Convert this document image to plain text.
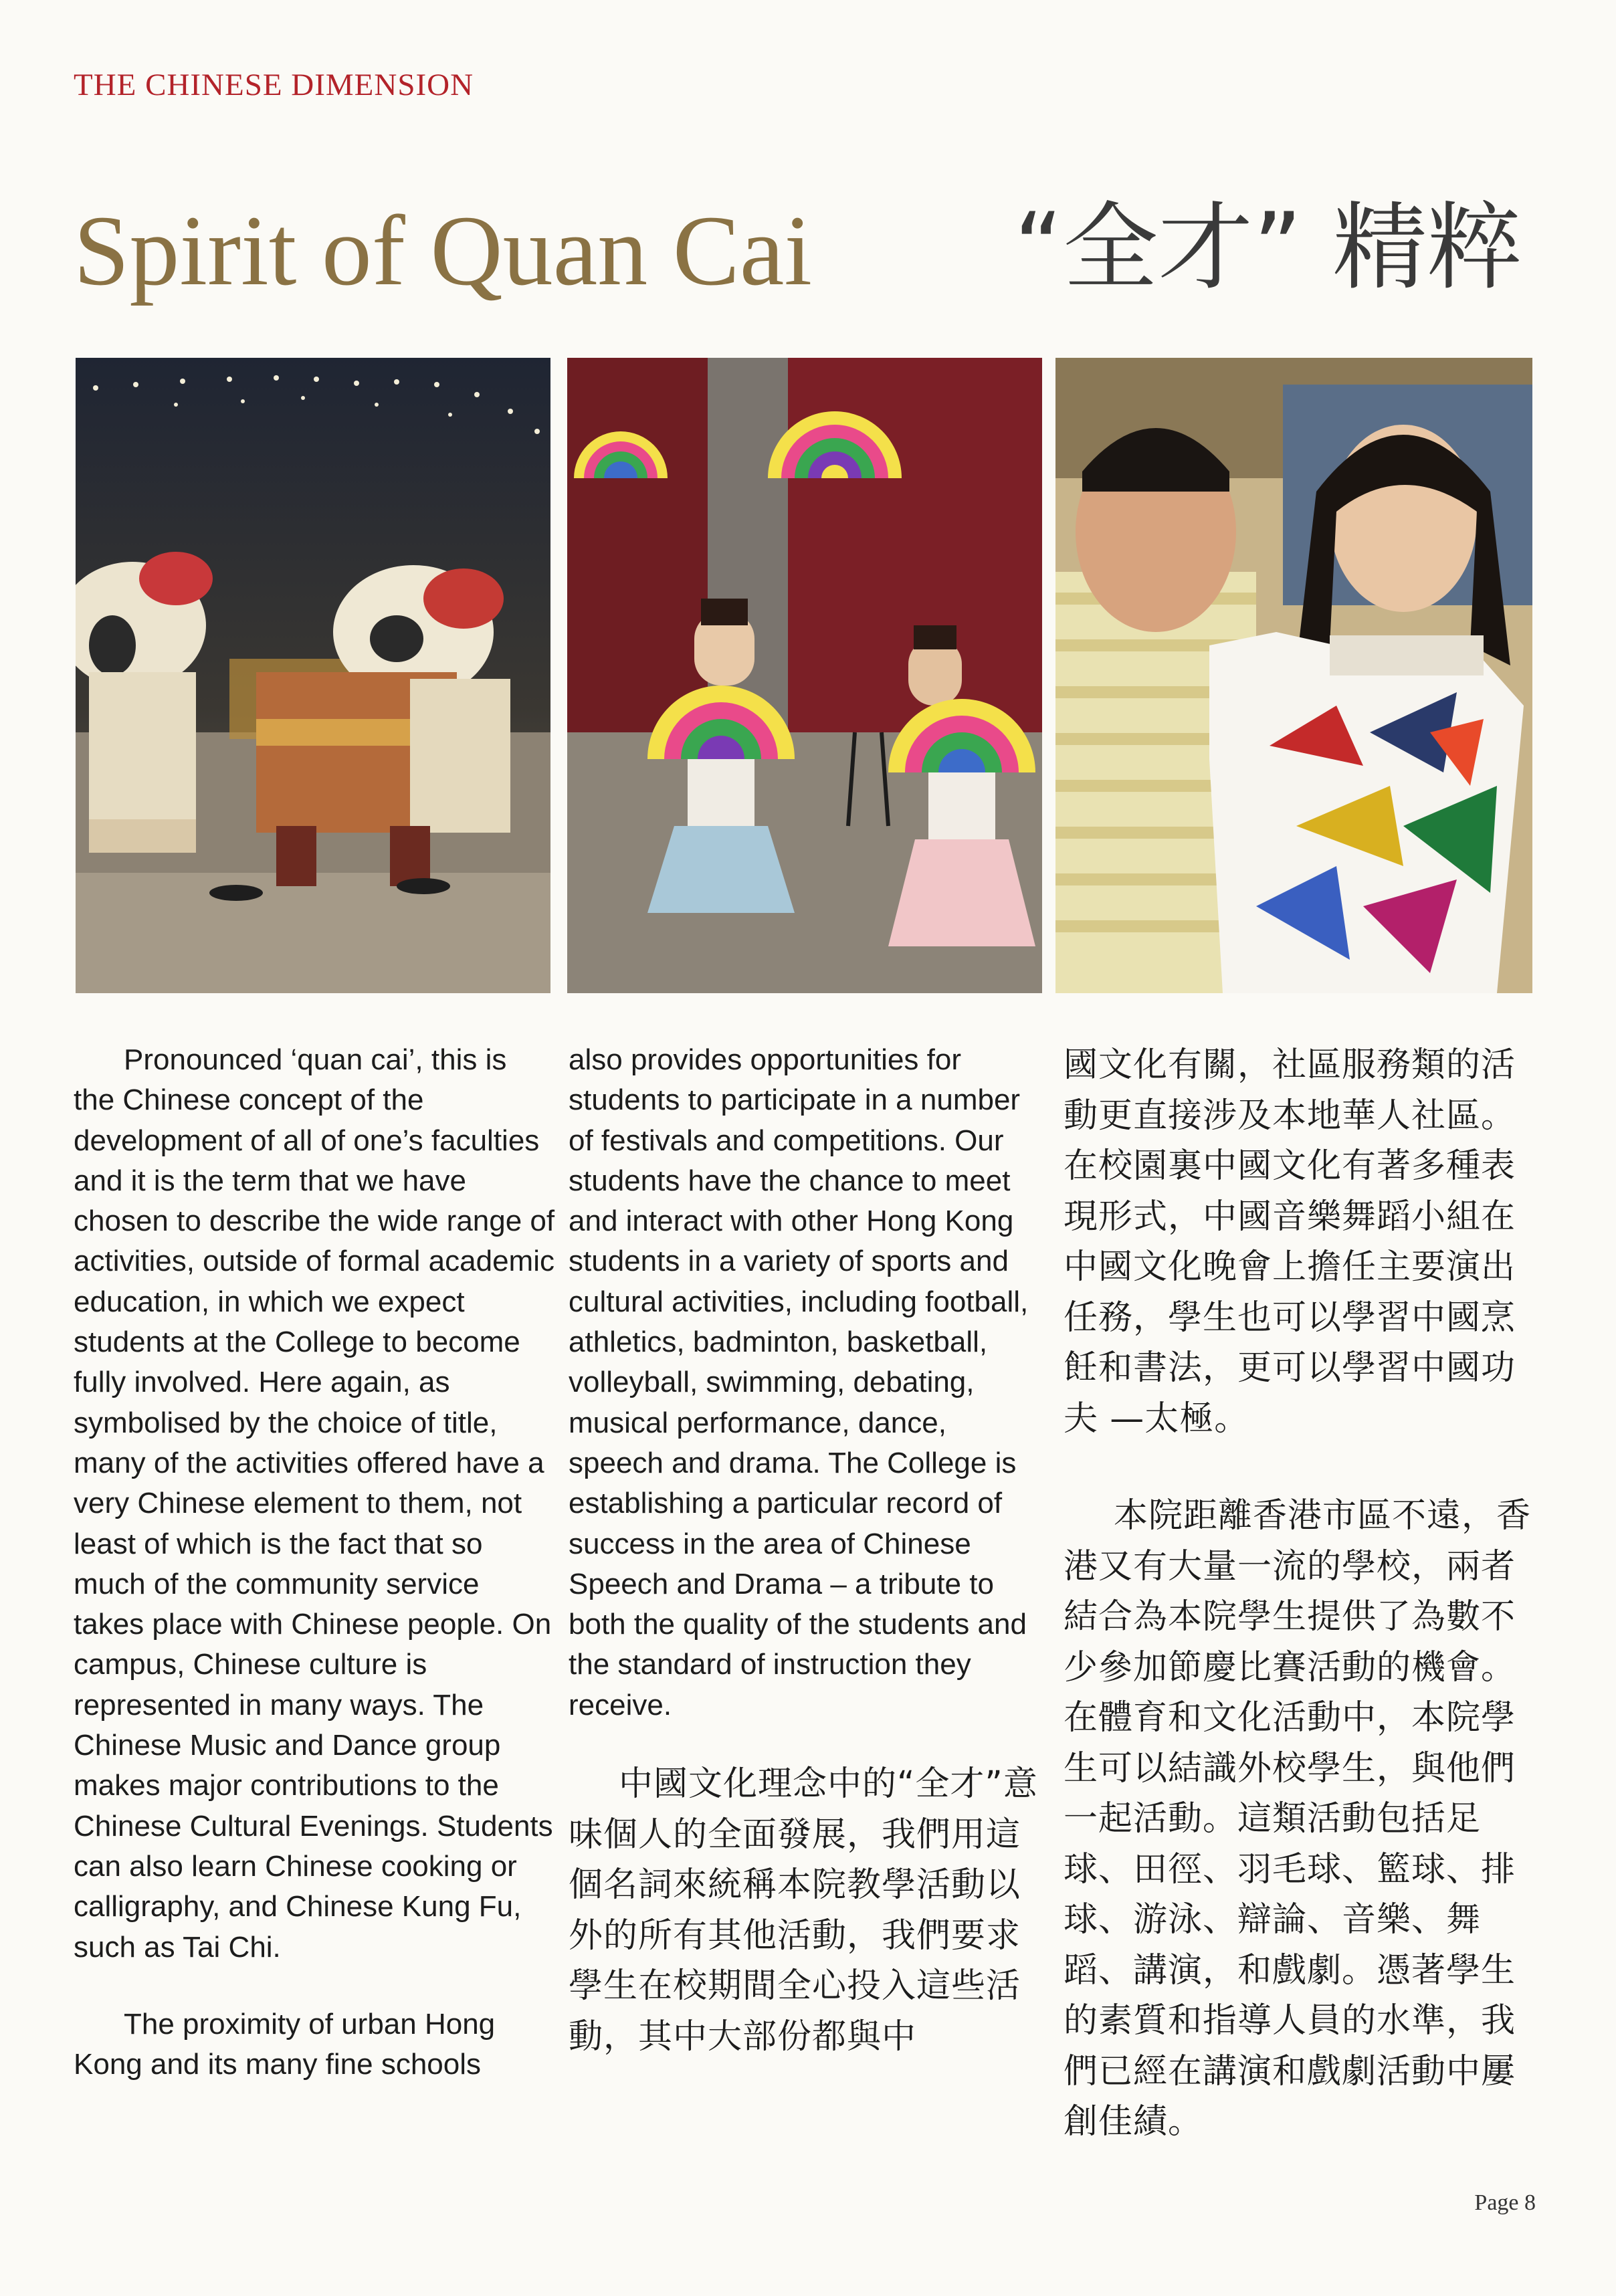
THE CHINESE DIMENSION
Spirit of Quan Cai “全才” 精粹

Pronounced ‘quan cai’, this is the Chinese concept of the development of all of one’s faculties and it is the term that we have chosen to describe the wide range of activities, outside of formal academic education, in which we expect students at the College to become fully involved. Here again, as symbolised by the choice of title, many of the activities offered have a very Chinese element to them, not least of which is the fact that so much of the community service takes place with Chinese people. On campus, Chinese culture is represented in many ways. The Chinese Music and Dance group makes major contributions to the Chinese Cultural Evenings. Students can also learn Chinese cooking or calligraphy, and Chinese Kung Fu, such as Tai Chi.

The proximity of urban Hong Kong and its many fine schools

also provides opportunities for students to participate in a number of festivals and competitions. Our students have the chance to meet and interact with other Hong Kong students in a variety of sports and cultural activities, including football, athletics, badminton, basketball, volleyball, swimming, debating, musical performance, dance, speech and drama. The College is establishing a particular record of success in the area of Chinese Speech and Drama – a tribute to both the quality of the students and the standard of instruction they receive.

中國文化理念中的“全才”意味個人的全面發展，我們用這個名詞來統稱本院教學活動以外的所有其他活動，我們要求學生在校期間全心投入這些活動，其中大部份都與中

國文化有關，社區服務類的活動更直接涉及本地華人社區。在校園裏中國文化有著多種表現形式，中國音樂舞蹈小組在中國文化晚會上擔任主要演出任務，學生也可以學習中國烹飪和書法，更可以學習中國功夫 —太極。

本院距離香港市區不遠，香港又有大量一流的學校，兩者結合為本院學生提供了為數不少參加節慶比賽活動的機會。在體育和文化活動中，本院學生可以結識外校學生，與他們一起活動。這類活動包括足球、田徑、羽毛球、籃球、排球、游泳、辯論、音樂、舞蹈、講演，和戲劇。憑著學生的素質和指導人員的水準，我們已經在講演和戲劇活動中屢創佳績。

Page 8
